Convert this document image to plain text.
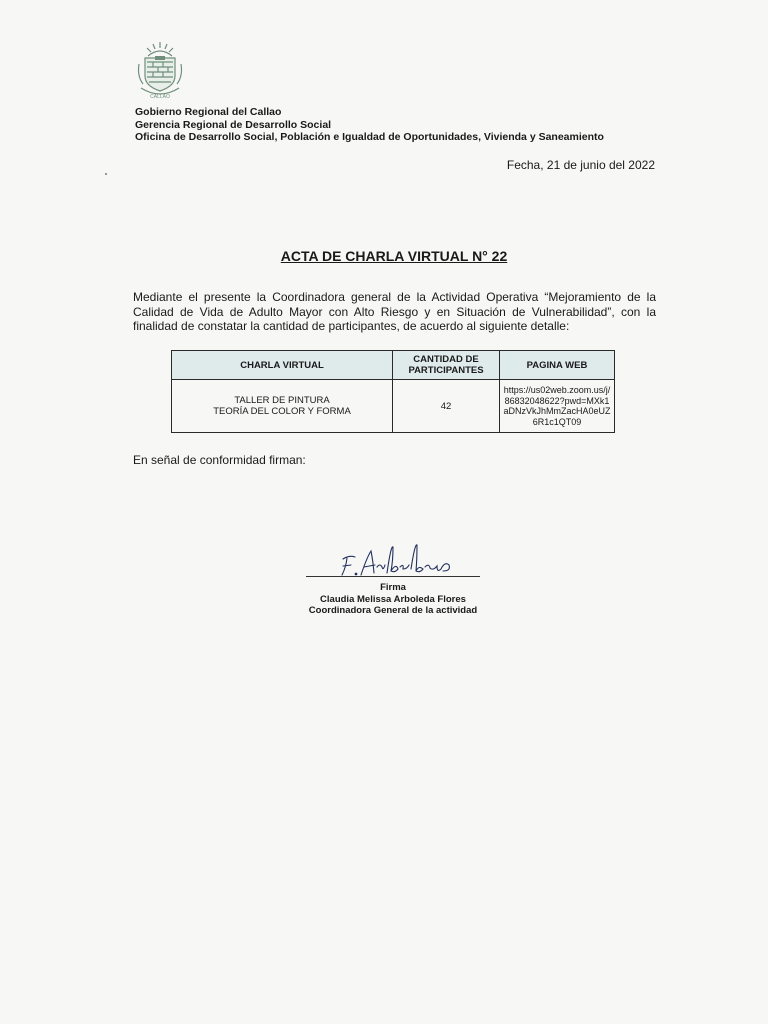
CALLAO
Gobierno Regional del Callao
Gerencia Regional de Desarrollo Social
Oficina de Desarrollo Social, Población e Igualdad de Oportunidades, Vivienda y Saneamiento
Fecha, 21 de junio del 2022
ACTA DE CHARLA VIRTUAL N° 22
Mediante el presente la Coordinadora general de la Actividad Operativa “Mejoramiento de la Calidad de Vida de Adulto Mayor con Alto Riesgo y en Situación de Vulnerabilidad”, con la finalidad de constatar la cantidad de participantes, de acuerdo al siguiente detalle:
CHARLA VIRTUAL	CANTIDAD DE PARTICIPANTES	PAGINA WEB

TALLER DE PINTURA
TEORÍA DEL COLOR Y FORMA	42	https://us02web.zoom.us/j/86832048622?pwd=MXk1aDNzVkJhMmZacHA0eUZ6R1c1QT09
En señal de conformidad firman:
Firma
Claudia Melissa Arboleda Flores
Coordinadora General de la actividad
